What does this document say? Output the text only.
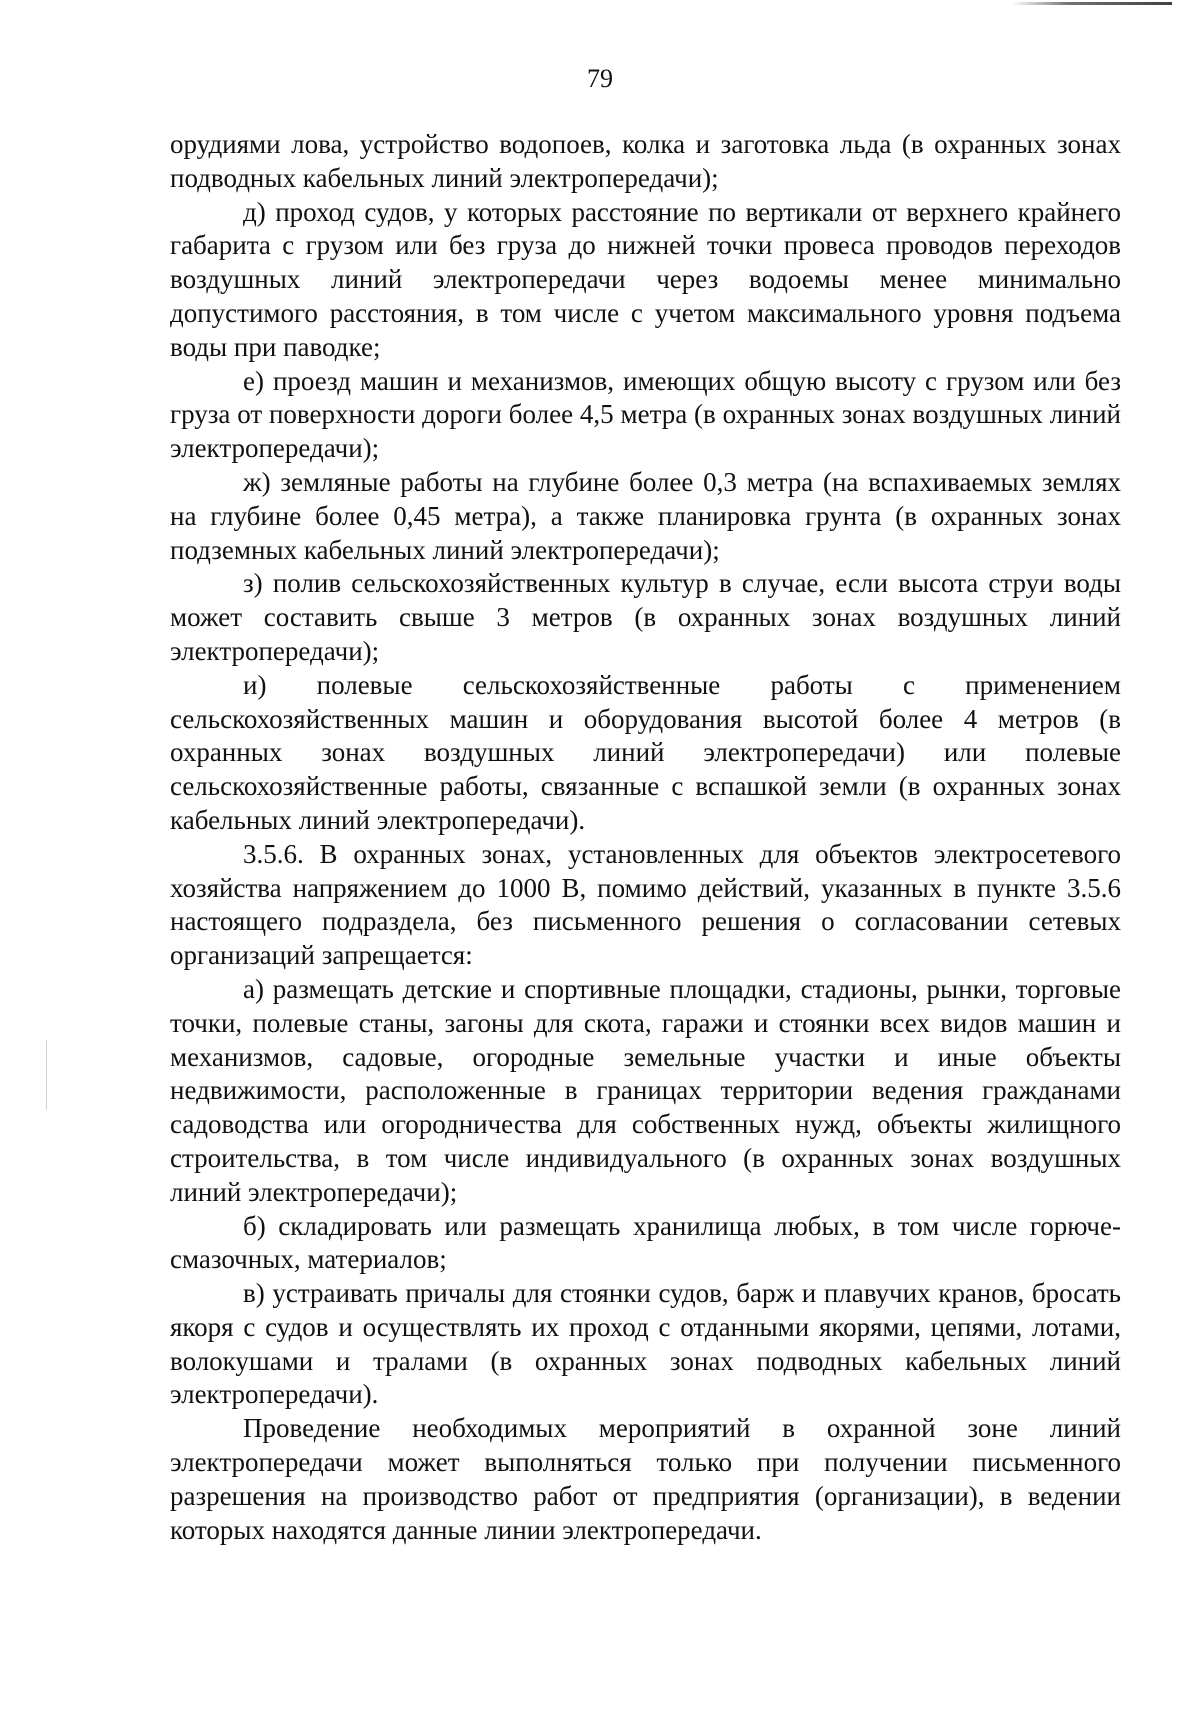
79

орудиями лова, устройство водопоев, колка и заготовка льда (в охранных зонах подводных кабельных линий электропередачи);

д) проход судов, у которых расстояние по вертикали от верхнего крайнего габарита с грузом или без груза до нижней точки провеса проводов переходов воздушных линий электропередачи через водоемы менее минимально допустимого расстояния, в том числе с учетом максимального уровня подъема воды при паводке;

е) проезд машин и механизмов, имеющих общую высоту с грузом или без груза от поверхности дороги более 4,5 метра (в охранных зонах воздушных линий электропередачи);

ж) земляные работы на глубине более 0,3 метра (на вспахиваемых землях на глубине более 0,45 метра), а также планировка грунта (в охранных зонах подземных кабельных линий электропередачи);

з) полив сельскохозяйственных культур в случае, если высота струи воды может составить свыше 3 метров (в охранных зонах воздушных линий электропередачи);

и) полевые сельскохозяйственные работы с применением сельскохозяйственных машин и оборудования высотой более 4 метров (в охранных зонах воздушных линий электропередачи) или полевые сельскохозяйственные работы, связанные с вспашкой земли (в охранных зонах кабельных линий электропередачи).

3.5.6. В охранных зонах, установленных для объектов электросетевого хозяйства напряжением до 1000 В, помимо действий, указанных в пункте 3.5.6 настоящего подраздела, без письменного решения о согласовании сетевых организаций запрещается:

а) размещать детские и спортивные площадки, стадионы, рынки, торговые точки, полевые станы, загоны для скота, гаражи и стоянки всех видов машин и механизмов, садовые, огородные земельные участки и иные объекты недвижимости, расположенные в границах территории ведения гражданами садоводства или огородничества для собственных нужд, объекты жилищного строительства, в том числе индивидуального (в охранных зонах воздушных линий электропередачи);

б) складировать или размещать хранилища любых, в том числе горюче-смазочных, материалов;

в) устраивать причалы для стоянки судов, барж и плавучих кранов, бросать якоря с судов и осуществлять их проход с отданными якорями, цепями, лотами, волокушами и тралами (в охранных зонах подводных кабельных линий электропередачи).

Проведение необходимых мероприятий в охранной зоне линий электропередачи может выполняться только при получении письменного разрешения на производство работ от предприятия (организации), в ведении которых находятся данные линии электропередачи.
